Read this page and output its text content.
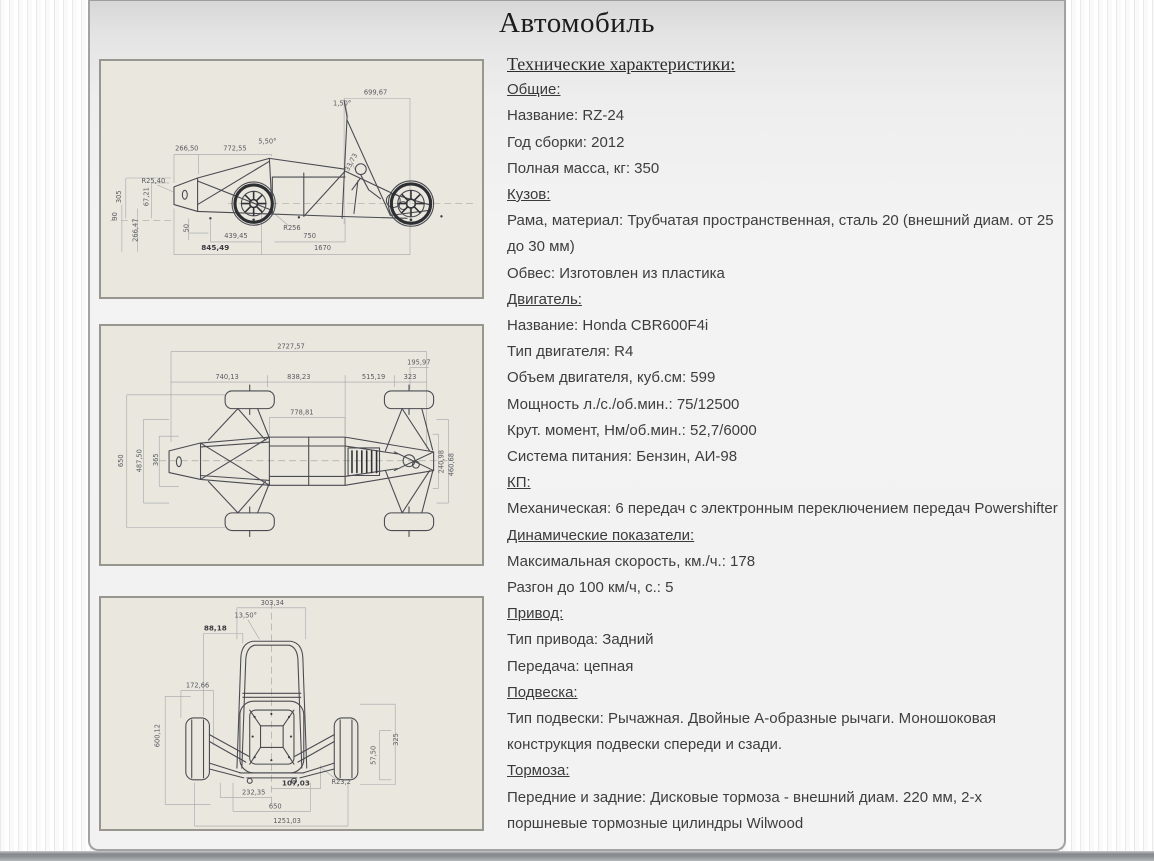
Автомобиль
699,67
1,50°
266,50	772,55
5,50°
R25,40
305	67,21
90
266,47	50
439,45
R256
750
845,49	1670
33,73
2727,57
195,97
740,13	838,23	515,19	323
778,81
650 487,50 365	240,98 460,68
303,34
13,50°
88,18
172,66
600,12	325
57,50
107,03	R23,2
232,35
650
1251,03

Технические характеристики:

Общие:

Название: RZ-24

Год сборки: 2012

Полная масса, кг: 350

Кузов:

Рама, материал: Трубчатая пространственная, сталь 20 (внешний диам. от 25 до 30 мм)

Обвес: Изготовлен из пластика

Двигатель:

Название: Honda CBR600F4i

Тип двигателя: R4

Объем двигателя, куб.см: 599

Мощность л./с./об.мин.: 75/12500

Крут. момент, Нм/об.мин.: 52,7/6000

Система питания: Бензин, АИ-98

КП:

Механическая: 6 передач с электронным переключением передач Powershifter

Динамические показатели:

Максимальная скорость, км./ч.: 178

Разгон до 100 км/ч, с.: 5

Привод:

Тип привода: Задний

Передача: цепная

Подвеска:

Тип подвески: Рычажная. Двойные А-образные рычаги. Моношоковая конструкция подвески спереди и сзади.

Тормоза:

Передние и задние: Дисковые тормоза - внешний диам. 220 мм, 2-х поршневые тормозные цилиндры Wilwood
